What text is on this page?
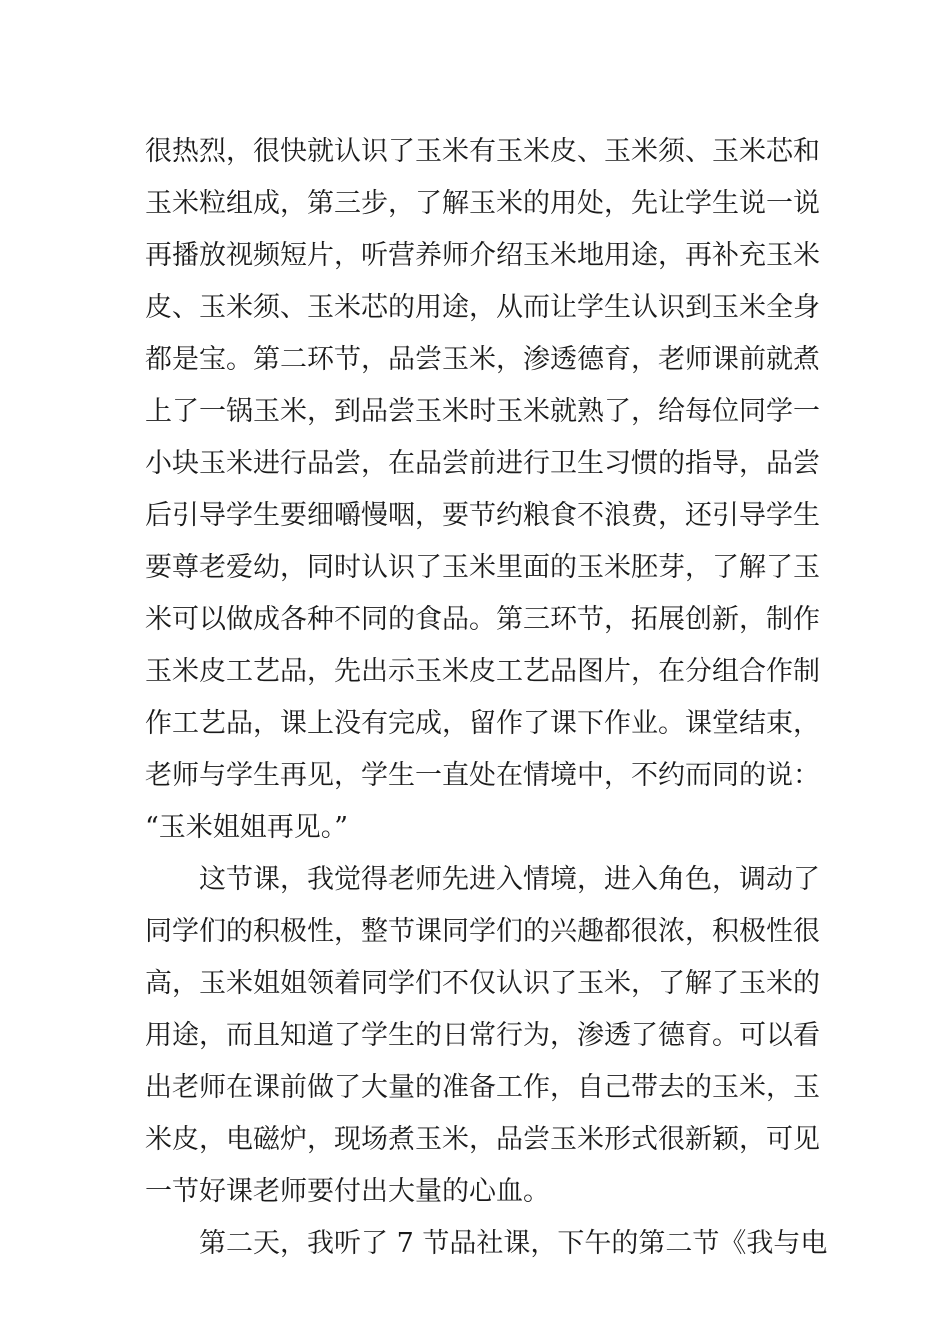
很热烈，很快就认识了玉米有玉米皮、玉米须、玉米芯和
玉米粒组成，第三步，了解玉米的用处，先让学生说一说
再播放视频短片，听营养师介绍玉米地用途，再补充玉米
皮、玉米须、玉米芯的用途，从而让学生认识到玉米全身
都是宝。第二环节，品尝玉米，渗透德育，老师课前就煮
上了一锅玉米，到品尝玉米时玉米就熟了，给每位同学一
小块玉米进行品尝，在品尝前进行卫生习惯的指导，品尝
后引导学生要细嚼慢咽，要节约粮食不浪费，还引导学生
要尊老爱幼，同时认识了玉米里面的玉米胚芽，了解了玉
米可以做成各种不同的食品。第三环节，拓展创新，制作
玉米皮工艺品，先出示玉米皮工艺品图片，在分组合作制
作工艺品，课上没有完成，留作了课下作业。课堂结束，
老师与学生再见，学生一直处在情境中，不约而同的说：
“玉米姐姐再见。”
　　这节课，我觉得老师先进入情境，进入角色，调动了
同学们的积极性，整节课同学们的兴趣都很浓，积极性很
高，玉米姐姐领着同学们不仅认识了玉米，了解了玉米的
用途，而且知道了学生的日常行为，渗透了德育。可以看
出老师在课前做了大量的准备工作，自己带去的玉米，玉
米皮，电磁炉，现场煮玉米，品尝玉米形式很新颖，可见
一节好课老师要付出大量的心血。
　　第二天，我听了 7 节品社课，下午的第二节《我与电
